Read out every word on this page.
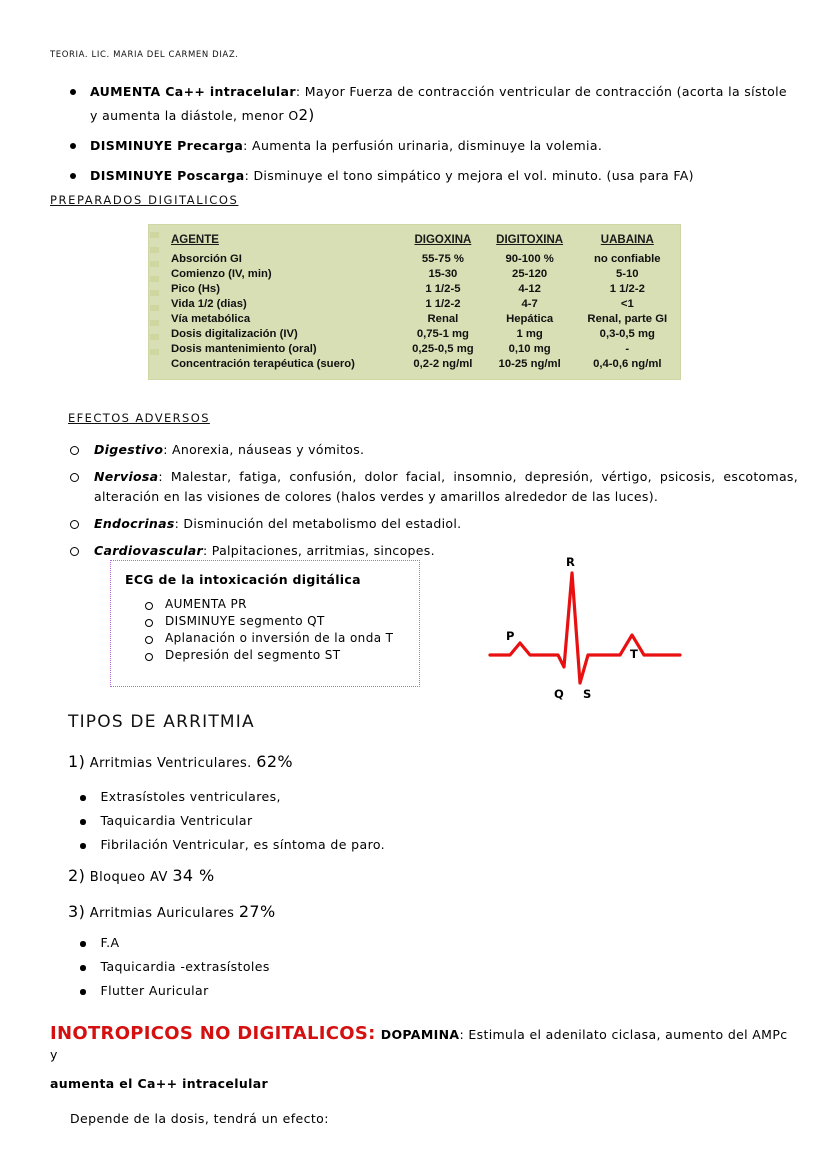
TEORIA. LIC. MARIA DEL CARMEN DIAZ.
AUMENTA Ca++ intracelular: Mayor Fuerza de contracción ventricular de contracción (acorta la sístole y aumenta la diástole, menor O2)
DISMINUYE Precarga: Aumenta la perfusión urinaria, disminuye la volemia.
DISMINUYE Poscarga: Disminuye el tono simpático y mejora el vol. minuto. (usa para FA)
PREPARADOS DIGITALICOS
AGENTE	DIGOXINA	DIGITOXINA	UABAINA
Absorción GI	55-75 %	90-100 %	no confiable
Comienzo (IV, min)	15-30	25-120	5-10
Pico (Hs)	1 1/2-5	4-12	1 1/2-2
Vida 1/2 (dias)	1 1/2-2	4-7	<1
Vía metabólica	Renal	Hepática	Renal, parte GI
Dosis digitalización (IV)	0,75-1 mg	1 mg	0,3-0,5 mg
Dosis mantenimiento (oral)	0,25-0,5 mg	0,10 mg	-
Concentración terapéutica (suero)	0,2-2 ng/ml	10-25 ng/ml	0,4-0,6 ng/ml
EFECTOS ADVERSOS
Digestivo: Anorexia, náuseas y vómitos.
Nerviosa: Malestar, fatiga, confusión, dolor facial, insomnio, depresión, vértigo, psicosis, escotomas, alteración en las visiones de colores (halos verdes y amarillos alrededor de las luces).
Endocrinas: Disminución del metabolismo del estadiol.
Cardiovascular: Palpitaciones, arritmias, sincopes.
ECG de la intoxicación digitálica
AUMENTA PR
DISMINUYE segmento QT
Aplanación o inversión de la onda T
Depresión del segmento ST
P
R
Q S
T
TIPOS DE ARRITMIA
1) Arritmias Ventriculares. 62%
Extrasístoles ventriculares,
Taquicardia Ventricular
Fibrilación Ventricular, es síntoma de paro.
2) Bloqueo AV 34 %
3) Arritmias Auriculares 27%
F.A
Taquicardia -extrasístoles
Flutter Auricular
INOTROPICOS NO DIGITALICOS: DOPAMINA: Estimula el adenilato ciclasa, aumento del AMPc y
aumenta el Ca++ intracelular
Depende de la dosis, tendrá un efecto:
